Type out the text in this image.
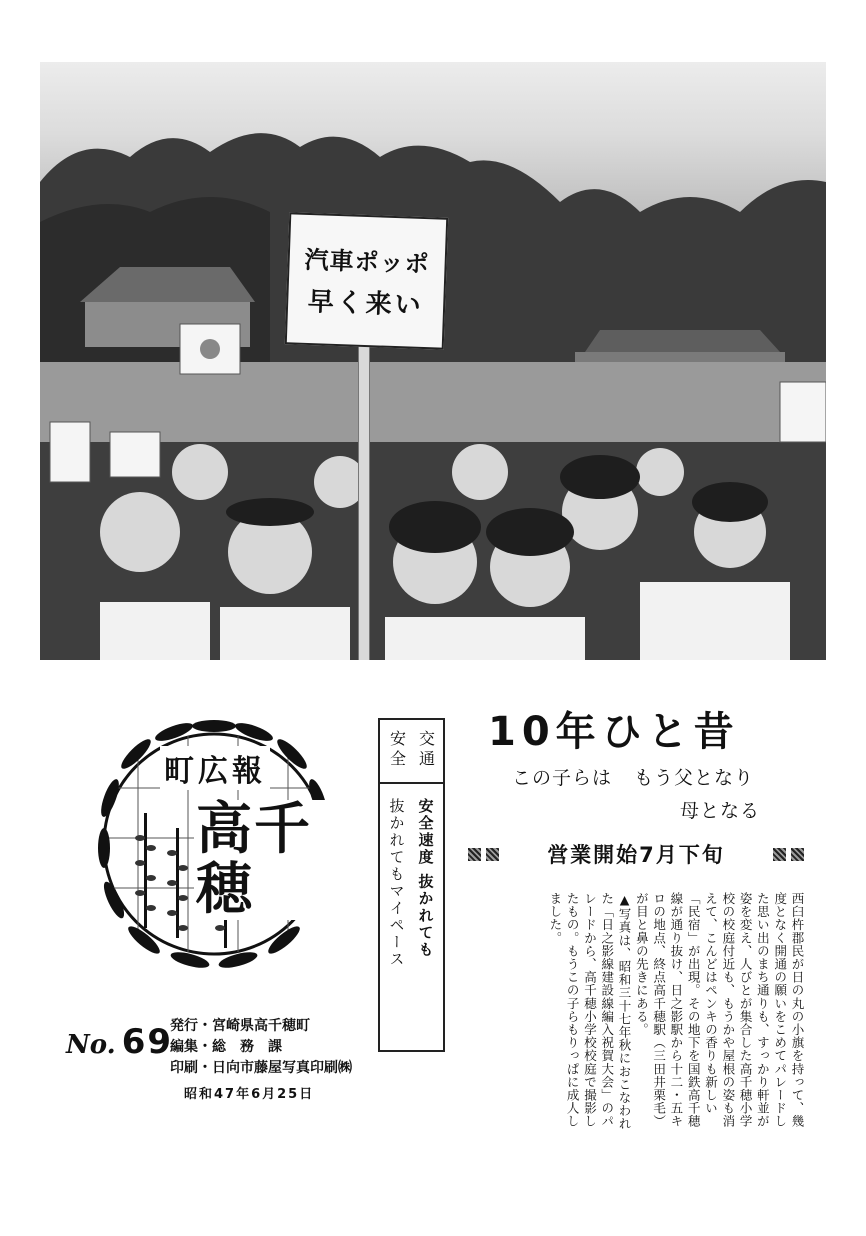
汽車ポッポ
早く来い
町広報
高千穂
交通
安全
安全速度 抜かれても
抜かれてもマイペース
10年ひと昔
この子らは もう父となり
母となる
営業開始7月下旬

西臼杵郡民が日の丸の小旗を持って、幾度となく開通の願いをこめてパレードした思い出のまち通りも、すっかり軒並が姿を変え、人びとが集合した高千穂小学校の校庭付近も、もうかや屋根の姿も消えて、こんどはペンキの香りも新しい「民宿」が出現。その地下を国鉄高千穂線が通り抜け、日之影駅から十二・五キロの地点、終点高千穂駅（三田井栗毛）が目と鼻の先きにある。

▲写真は、昭和三十七年秋におこなわれた「日之影線建設線編入祝賀大会」のパレードから、高千穂小学校校庭で撮影したもの。もうこの子らもりっぱに成人しました。

No. 69
発行・宮崎県高千穂町
編集・総　務　課
印刷・日向市藤屋写真印刷㈱
昭和47年6月25日
